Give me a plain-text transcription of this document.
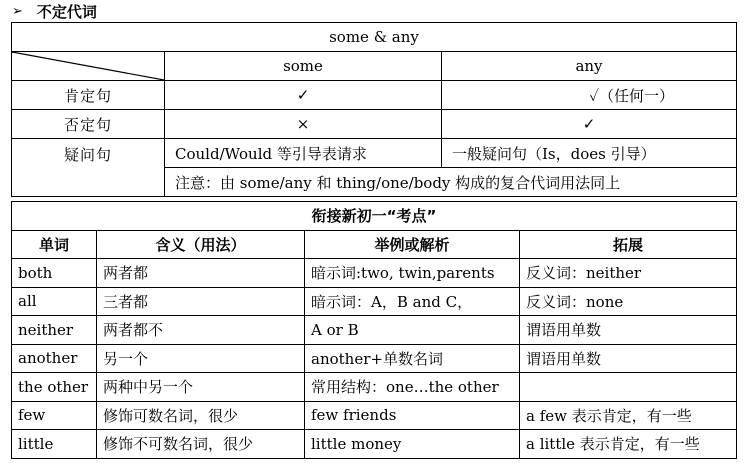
➢ 不定代词
some & any		

	some	any
肯定句	✓	✓（任何一）
否定句	×	✓
疑问句	Could/Would 等引导表请求	一般疑问句（Is，does 引导）
	注意：由 some/any 和 thing/one/body 构成的复合代词用法同上	
衔接新初一“考点”			
单词	含义（用法）	举例或解析	拓展
both	两者都	暗示词:two, twin,parents	反义词：neither
all	三者都	暗示词：A，B and C，	反义词：none
neither	两者都不	A or B	谓语用单数
another	另一个	another+单数名词	谓语用单数
the other	两种中另一个	常用结构：one…the other	
few	修饰可数名词，很少	few friends	a few 表示肯定，有一些
little	修饰不可数名词，很少	little money	a little 表示肯定，有一些
